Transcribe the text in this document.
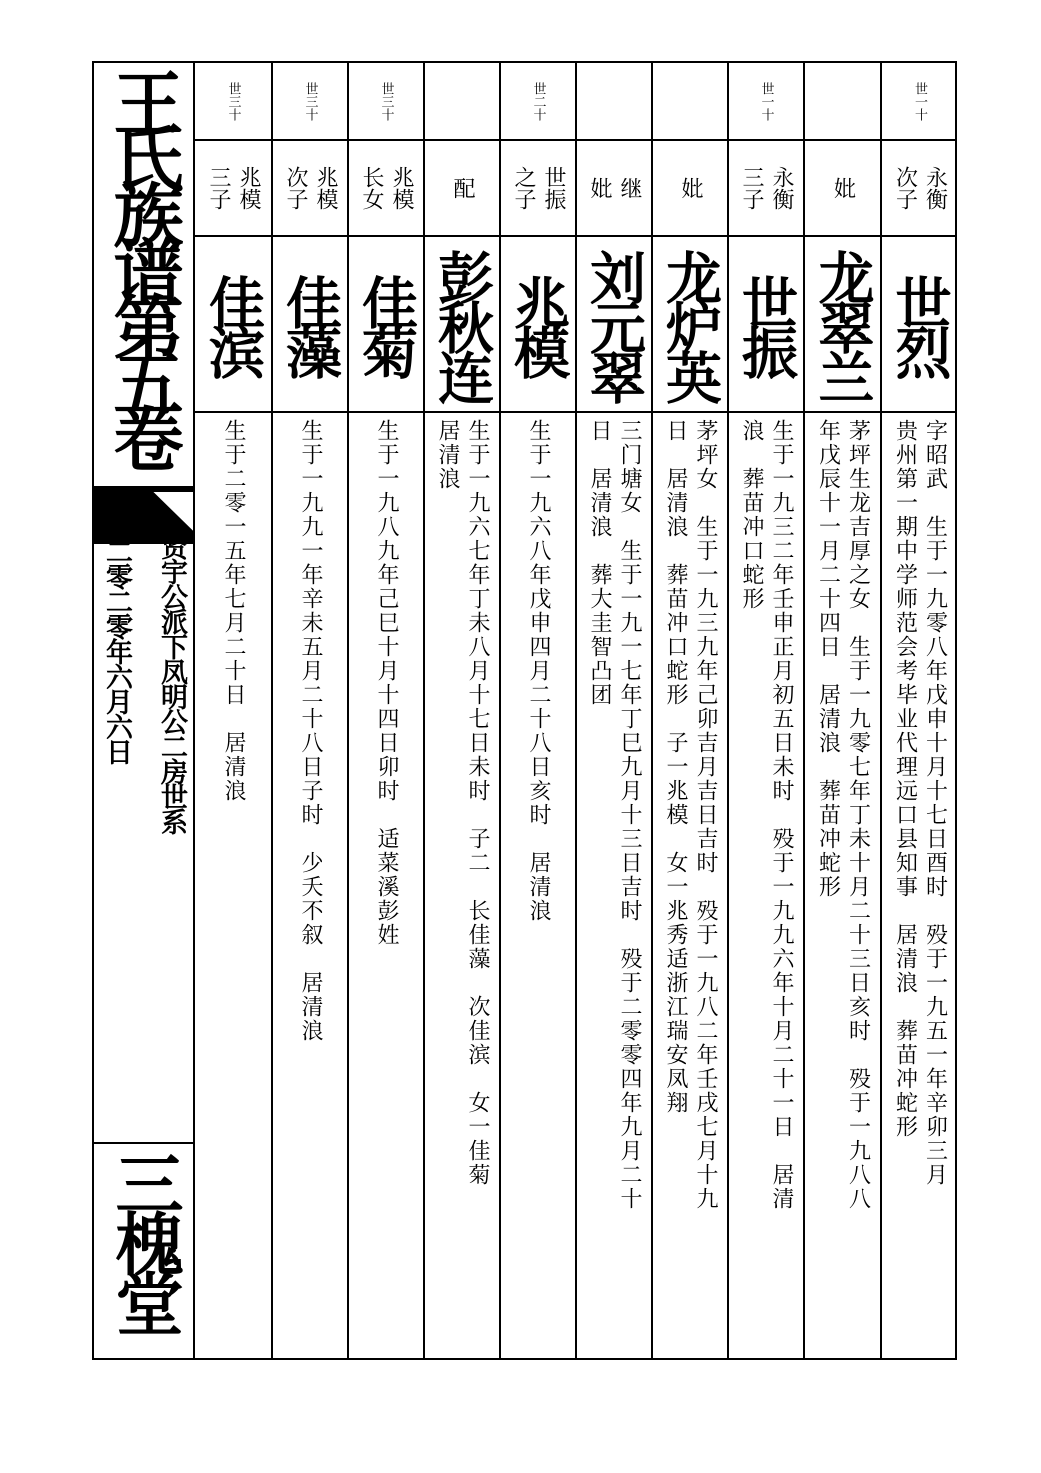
王氏族谱第五卷
贤宇公派下凤明公二房世系
二零二零年六月六日
三槐堂
世一十
永衡
次子
世烈
字昭武　生于一九零八年戊申十月十七日酉时　殁于一九五一年辛卯三月
贵州第一期中学师范会考毕业代理远口县知事　居清浪　葬苗冲蛇形
妣
龙翠兰
茅坪生龙吉厚之女　生于一九零七年丁未十月二十三日亥时　殁于一九八八
年戊辰十一月二十四日　居清浪　葬苗冲蛇形
世一十
永衡
三子
世振
生于一九三二年壬申正月初五日未时　殁于一九九六年十月二十一日　居清
浪　葬苗冲口蛇形
妣
龙炉英
茅坪女　生于一九三九年己卯吉月吉日吉时　殁于一九八二年壬戌七月十九
日　居清浪　葬苗冲口蛇形　子一兆模　女一兆秀适浙江瑞安凤翔
继
妣
刘元翠
三门塘女　生于一九一七年丁巳九月十三日吉时　殁于二零零四年九月二十
日　居清浪　葬大圭智凸团
世二十
世振
之子
兆模
生于一九六八年戊申四月二十八日亥时　居清浪
配
彭秋连
生于一九六七年丁未八月十七日未时　子二　长佳藻　次佳滨　女一佳菊
居清浪
世三十
兆模
长女
佳菊
生于一九八九年己巳十月十四日卯时　适菜溪彭姓
世三十
兆模
次子
佳藻
生于一九九一年辛未五月二十八日子时　少夭不叙　居清浪
世三十
兆模
三子
佳滨
生于二零一五年七月二十日　居清浪
